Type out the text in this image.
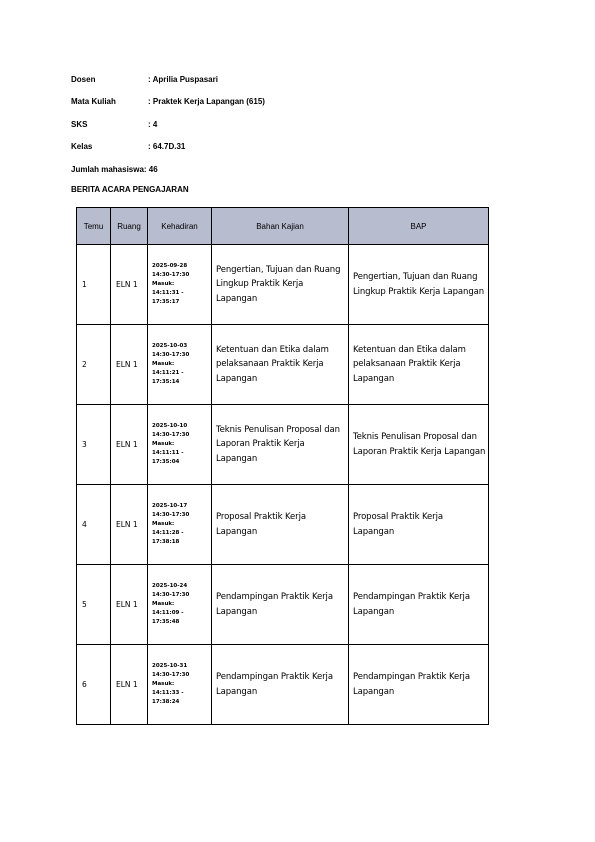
Dosen	: Aprilia Puspasari
Mata Kuliah	: Praktek Kerja Lapangan (615)
SKS	: 4
Kelas	: 64.7D.31
Jumlah mahasiswa: 46
BERITA ACARA PENGAJARAN
Temu	Ruang	Kehadiran	Bahan Kajian	BAP
1	ELN 1	2025-09-28
14:30-17:30
Masuk:
14:11:31 -
17:35:17	Pengertian, Tujuan dan Ruang Lingkup Praktik Kerja Lapangan	Pengertian, Tujuan dan Ruang Lingkup Praktik Kerja Lapangan
2	ELN 1	2025-10-03
14:30-17:30
Masuk:
14:11:21 -
17:35:14	Ketentuan dan Etika dalam pelaksanaan Praktik Kerja Lapangan	Ketentuan dan Etika dalam pelaksanaan Praktik Kerja Lapangan
3	ELN 1	2025-10-10
14:30-17:30
Masuk:
14:11:11 -
17:35:04	Teknis Penulisan Proposal dan Laporan Praktik Kerja Lapangan	Teknis Penulisan Proposal dan Laporan Praktik Kerja Lapangan
4	ELN 1	2025-10-17
14:30-17:30
Masuk:
14:11:28 -
17:38:18	Proposal Praktik Kerja Lapangan	Proposal Praktik Kerja Lapangan
5	ELN 1	2025-10-24
14:30-17:30
Masuk:
14:11:09 -
17:35:48	Pendampingan Praktik Kerja Lapangan	Pendampingan Praktik Kerja Lapangan
6	ELN 1	2025-10-31
14:30-17:30
Masuk:
14:11:33 -
17:38:24	Pendampingan Praktik Kerja Lapangan	Pendampingan Praktik Kerja Lapangan
